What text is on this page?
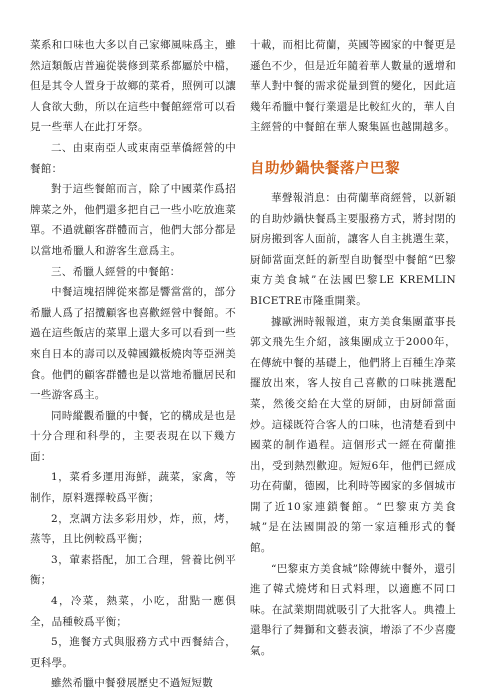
菜系和口味也大多以自己家鄉風味爲主，雖然這類飯店普遍從裝修到菜系都屬於中檔，但是其令人置身于故鄉的菜肴，照例可以讓人食欲大動，所以在這些中餐館經常可以看見一些華人在此打牙祭。

二、由東南亞人或東南亞華僑經營的中餐館：

對于這些餐館而言，除了中國菜作爲招牌菜之外，他們還多把自己一些小吃放進菜單。不過就顧客群體而言，他們大部分都是以當地希臘人和游客生意爲主。

三、希臘人經營的中餐館：

中餐這塊招牌從來都是響當當的，部分希臘人爲了招攬顧客也喜歡經營中餐館。不過在這些飯店的菜單上還大多可以看到一些來自日本的壽司以及韓國鐵板燒肉等亞洲美食。他們的顧客群體也是以當地希臘居民和一些游客爲主。

同時縱觀希臘的中餐，它的構成是也是十分合理和科學的，主要表現在以下幾方面：

1，菜肴多運用海鮮，蔬菜，家禽，等制作，原料選擇較爲平衡；

2，烹調方法多彩用炒，炸，煎，烤，蒸等，且比例較爲平衡；

3，葷素搭配，加工合理，營養比例平衡；

4，冷菜，熱菜，小吃，甜點一應俱全，品種較爲平衡；

5，進餐方式與服務方式中西餐結合，更科學。

雖然希臘中餐發展歷史不過短短數

十載，而相比荷蘭，英國等國家的中餐更是遜色不少，但是近年隨着華人數量的遞增和華人對中餐的需求從量到質的變化，因此這幾年希臘中餐行業還是比較紅火的，華人自主經營的中餐館在華人聚集區也越開越多。

自助炒鍋快餐落户巴黎

華聲報消息：由荷蘭華商經營，以新穎的自助炒鍋快餐爲主要服務方式，將封閉的厨房搬到客人面前，讓客人自主挑選生菜，厨師當面烹飪的新型自助餐型中餐館“巴黎東方美食城”在法國巴黎LE KREMLIN BICETRE市隆重開業。

據歐洲時報報道，東方美食集團董事長郭文飛先生介紹，該集團成立于2000年，在傳統中餐的基礎上，他們將上百種生净菜擺放出來，客人按自己喜歡的口味挑選配菜，然後交給在大堂的厨師，由厨師當面炒。這樣既符合客人的口味，也清楚看到中國菜的制作過程。這個形式一經在荷蘭推出，受到熱烈歡迎。短短6年，他們已經成功在荷蘭，德國，比利時等國家的多個城市開了近10家連鎖餐館。“巴黎東方美食城”是在法國開設的第一家這種形式的餐館。

“巴黎東方美食城”除傳統中餐外，還引進了韓式燒烤和日式料理，以適應不同口味。在試業期間就吸引了大批客人。典禮上還舉行了舞獅和文藝表演，增添了不少喜慶氣。
